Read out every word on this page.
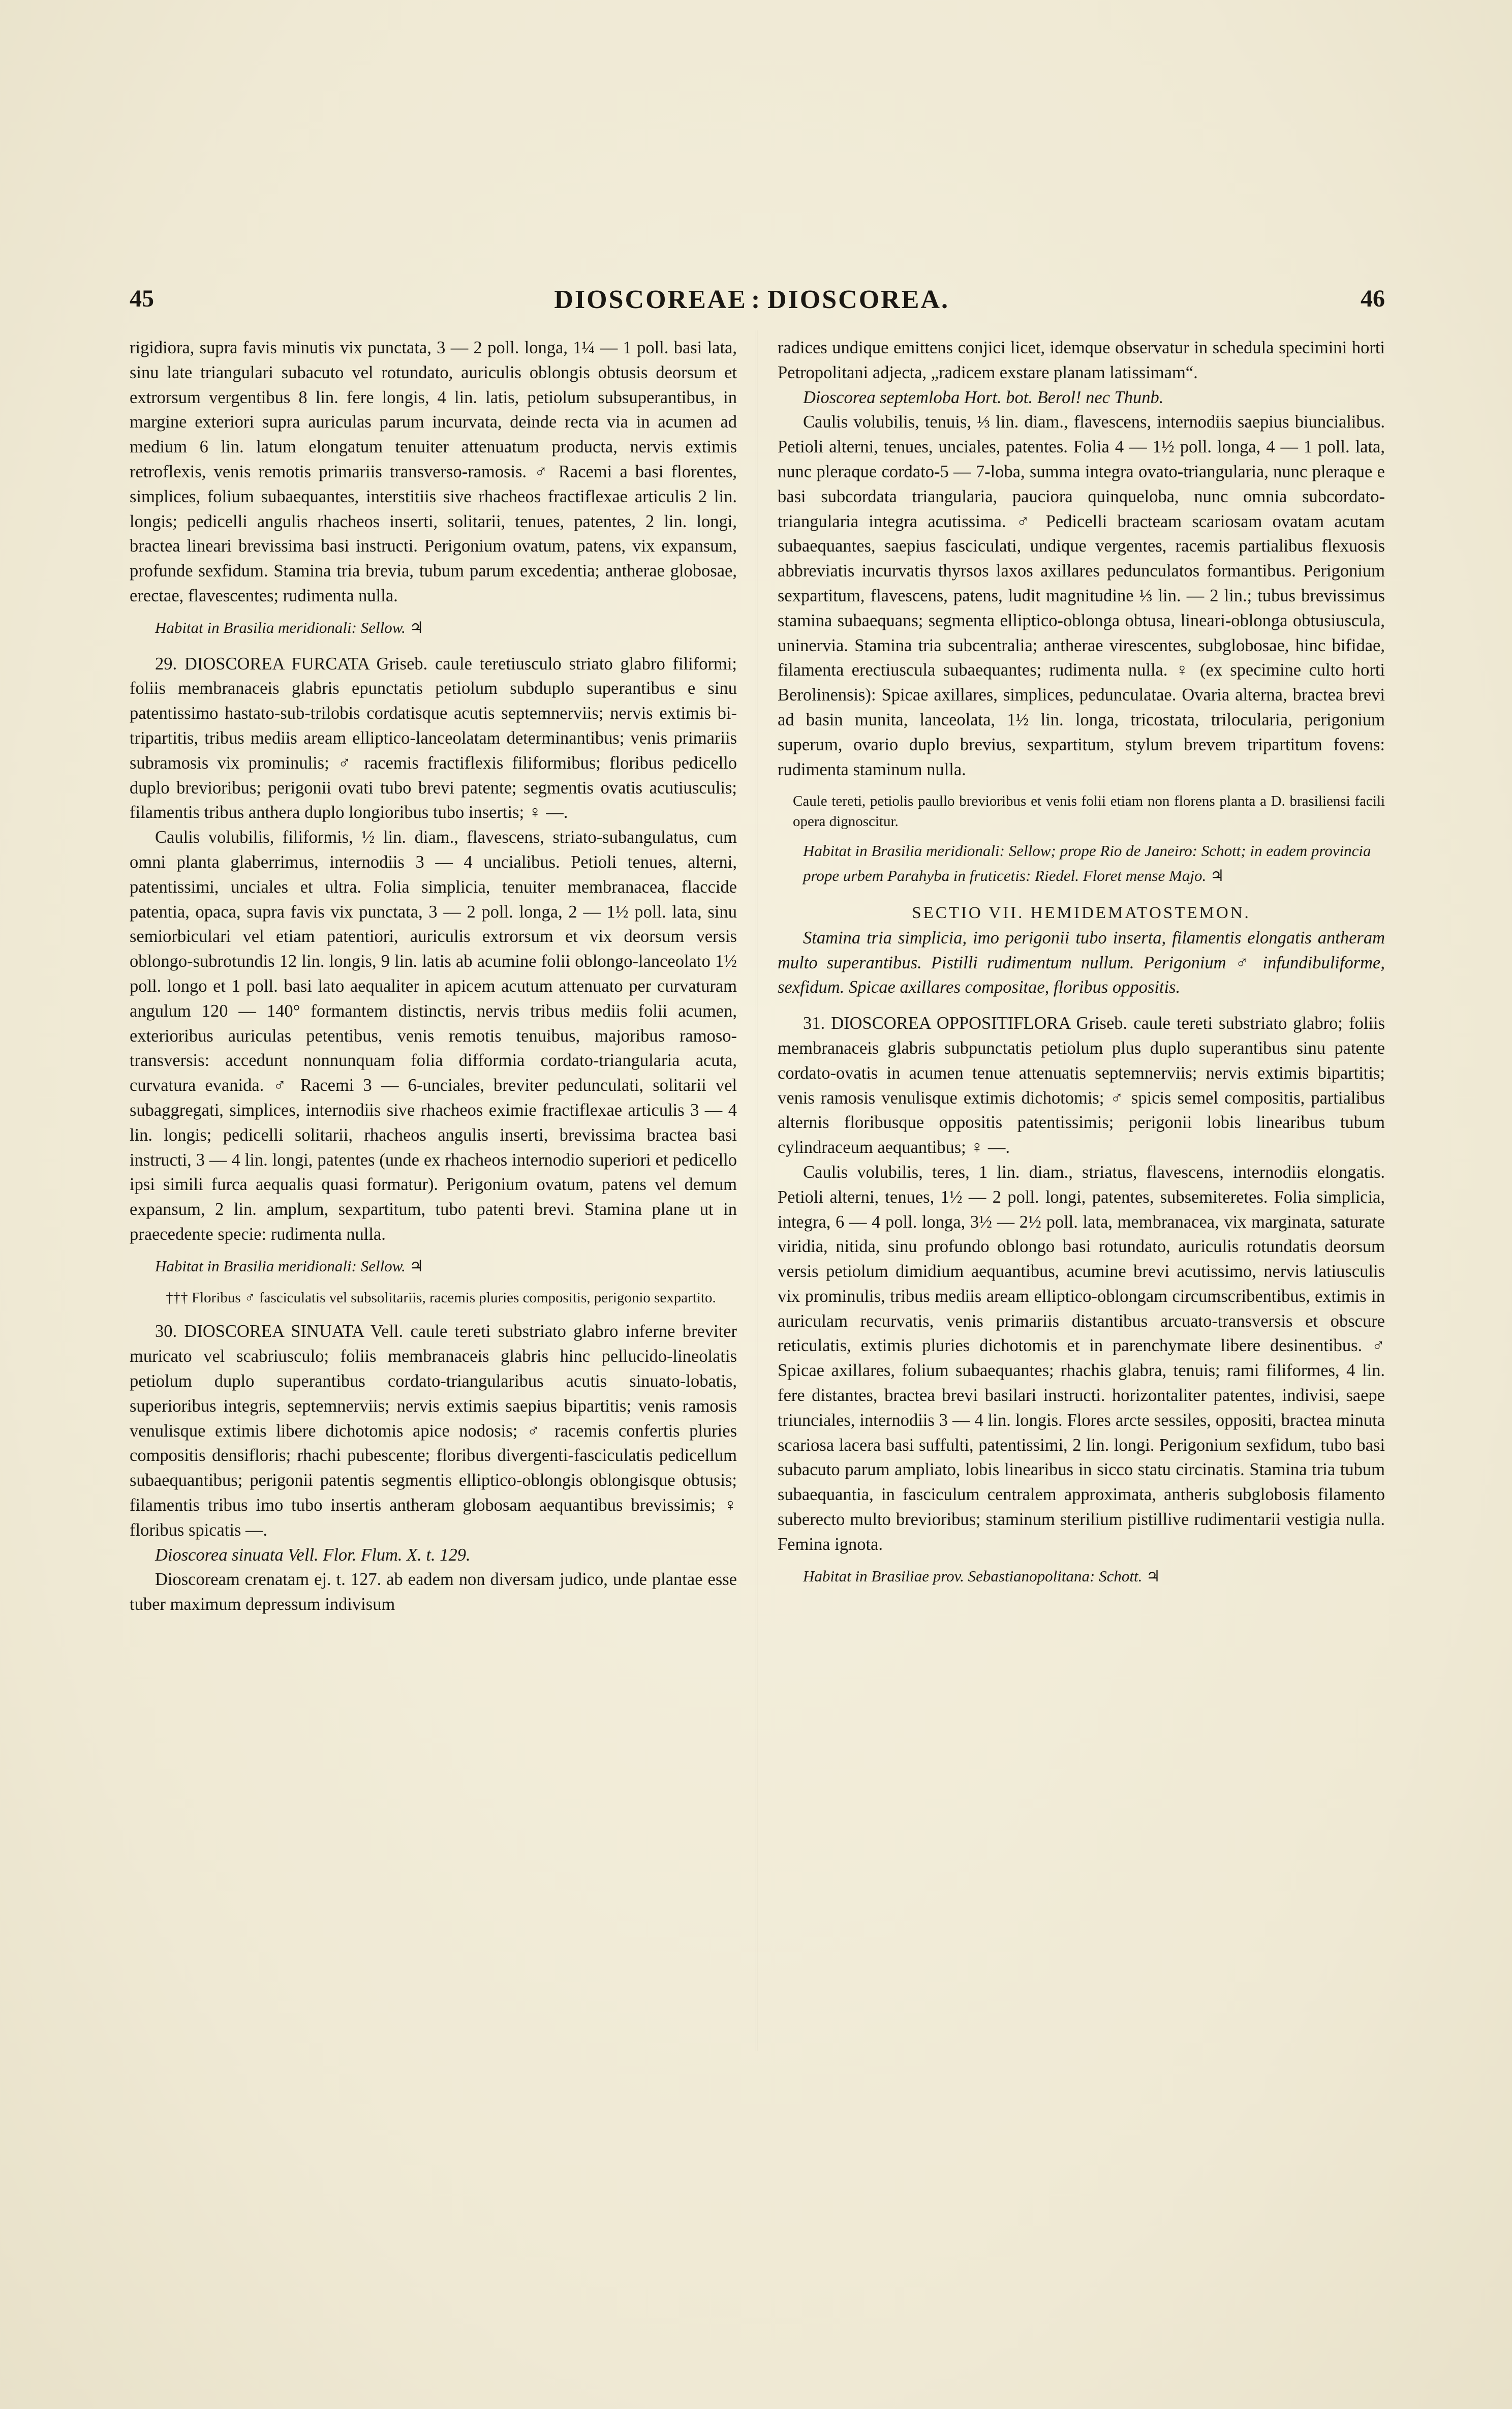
45	DIOSCOREAE : DIOSCOREA.	46

rigidiora, supra favis minutis vix punctata, 3 — 2 poll. longa, 1¼ — 1 poll. basi lata, sinu late triangulari subacuto vel rotundato, auriculis oblongis obtusis deorsum et extrorsum vergentibus 8 lin. fere longis, 4 lin. latis, petiolum subsuperantibus, in margine exteriori supra auriculas parum incurvata, deinde recta via in acumen ad medium 6 lin. latum elongatum tenuiter attenuatum producta, nervis extimis retroflexis, venis remotis primariis transverso-ramosis. ♂ Racemi a basi florentes, simplices, folium subaequantes, interstitiis sive rhacheos fractiflexae articulis 2 lin. longis; pedicelli angulis rhacheos inserti, solitarii, tenues, patentes, 2 lin. longi, bractea lineari brevissima basi instructi. Perigonium ovatum, patens, vix expansum, profunde sexfidum. Stamina tria brevia, tubum parum excedentia; antherae globosae, erectae, flavescentes; rudimenta nulla.

Habitat in Brasilia meridionali: Sellow. ♃

29. DIOSCOREA FURCATA Griseb. caule teretiusculo striato glabro filiformi; foliis membranaceis glabris epunctatis petiolum subduplo superantibus e sinu patentissimo hastato-sub-trilobis cordatisque acutis septemnerviis; nervis extimis bi-tripartitis, tribus mediis aream elliptico-lanceolatam determinantibus; venis primariis subramosis vix prominulis; ♂ racemis fractiflexis filiformibus; floribus pedicello duplo brevioribus; perigonii ovati tubo brevi patente; segmentis ovatis acutiusculis; filamentis tribus anthera duplo longioribus tubo insertis; ♀ —.

Caulis volubilis, filiformis, ½ lin. diam., flavescens, striato-subangulatus, cum omni planta glaberrimus, internodiis 3 — 4 uncialibus. Petioli tenues, alterni, patentissimi, unciales et ultra. Folia simplicia, tenuiter membranacea, flaccide patentia, opaca, supra favis vix punctata, 3 — 2 poll. longa, 2 — 1½ poll. lata, sinu semiorbiculari vel etiam patentiori, auriculis extrorsum et vix deorsum versis oblongo-subrotundis 12 lin. longis, 9 lin. latis ab acumine folii oblongo-lanceolato 1½ poll. longo et 1 poll. basi lato aequaliter in apicem acutum attenuato per curvaturam angulum 120 — 140° formantem distinctis, nervis tribus mediis folii acumen, exterioribus auriculas petentibus, venis remotis tenuibus, majoribus ramoso-transversis: accedunt nonnunquam folia difformia cordato-triangularia acuta, curvatura evanida. ♂ Racemi 3 — 6-unciales, breviter pedunculati, solitarii vel subaggregati, simplices, internodiis sive rhacheos eximie fractiflexae articulis 3 — 4 lin. longis; pedicelli solitarii, rhacheos angulis inserti, brevissima bractea basi instructi, 3 — 4 lin. longi, patentes (unde ex rhacheos internodio superiori et pedicello ipsi simili furca aequalis quasi formatur). Perigonium ovatum, patens vel demum expansum, 2 lin. amplum, sexpartitum, tubo patenti brevi. Stamina plane ut in praecedente specie: rudimenta nulla.

Habitat in Brasilia meridionali: Sellow. ♃

††† Floribus ♂ fasciculatis vel subsolitariis, racemis pluries compositis, perigonio sexpartito.

30. DIOSCOREA SINUATA Vell. caule tereti substriato glabro inferne breviter muricato vel scabriusculo; foliis membranaceis glabris hinc pellucido-lineolatis petiolum duplo superantibus cordato-triangularibus acutis sinuato-lobatis, superioribus integris, septemnerviis; nervis extimis saepius bipartitis; venis ramosis venulisque extimis libere dichotomis apice nodosis; ♂ racemis confertis pluries compositis densifloris; rhachi pubescente; floribus divergenti-fasciculatis pedicellum subaequantibus; perigonii patentis segmentis elliptico-oblongis oblongisque obtusis; filamentis tribus imo tubo insertis antheram globosam aequantibus brevissimis; ♀ floribus spicatis —.

Dioscorea sinuata Vell. Flor. Flum. X. t. 129.

Dioscoream crenatam ej. t. 127. ab eadem non diversam judico, unde plantae esse tuber maximum depressum indivisum

radices undique emittens conjici licet, idemque observatur in schedula specimini horti Petropolitani adjecta, „radicem exstare planam latissimam“.

Dioscorea septemloba Hort. bot. Berol! nec Thunb.

Caulis volubilis, tenuis, ⅓ lin. diam., flavescens, internodiis saepius biuncialibus. Petioli alterni, tenues, unciales, patentes. Folia 4 — 1½ poll. longa, 4 — 1 poll. lata, nunc pleraque cordato-5 — 7-loba, summa integra ovato-triangularia, nunc pleraque e basi subcordata triangularia, pauciora quinqueloba, nunc omnia subcordato-triangularia integra acutissima. ♂ Pedicelli bracteam scariosam ovatam acutam subaequantes, saepius fasciculati, undique vergentes, racemis partialibus flexuosis abbreviatis incurvatis thyrsos laxos axillares pedunculatos formantibus. Perigonium sexpartitum, flavescens, patens, ludit magnitudine ⅓ lin. — 2 lin.; tubus brevissimus stamina subaequans; segmenta elliptico-oblonga obtusa, lineari-oblonga obtusiuscula, uninervia. Stamina tria subcentralia; antherae virescentes, subglobosae, hinc bifidae, filamenta erectiuscula subaequantes; rudimenta nulla. ♀ (ex specimine culto horti Berolinensis): Spicae axillares, simplices, pedunculatae. Ovaria alterna, bractea brevi ad basin munita, lanceolata, 1½ lin. longa, tricostata, trilocularia, perigonium superum, ovario duplo brevius, sexpartitum, stylum brevem tripartitum fovens: rudimenta staminum nulla.

Caule tereti, petiolis paullo brevioribus et venis folii etiam non florens planta a D. brasiliensi facili opera dignoscitur.

Habitat in Brasilia meridionali: Sellow; prope Rio de Janeiro: Schott; in eadem provincia prope urbem Parahyba in fruticetis: Riedel. Floret mense Majo. ♃

SECTIO VII. HEMIDEMATOSTEMON.

Stamina tria simplicia, imo perigonii tubo inserta, filamentis elongatis antheram multo superantibus. Pistilli rudimentum nullum. Perigonium ♂ infundibuliforme, sexfidum. Spicae axillares compositae, floribus oppositis.

31. DIOSCOREA OPPOSITIFLORA Griseb. caule tereti substriato glabro; foliis membranaceis glabris subpunctatis petiolum plus duplo superantibus sinu patente cordato-ovatis in acumen tenue attenuatis septemnerviis; nervis extimis bipartitis; venis ramosis venulisque extimis dichotomis; ♂ spicis semel compositis, partialibus alternis floribusque oppositis patentissimis; perigonii lobis linearibus tubum cylindraceum aequantibus; ♀ —.

Caulis volubilis, teres, 1 lin. diam., striatus, flavescens, internodiis elongatis. Petioli alterni, tenues, 1½ — 2 poll. longi, patentes, subsemiteretes. Folia simplicia, integra, 6 — 4 poll. longa, 3½ — 2½ poll. lata, membranacea, vix marginata, saturate viridia, nitida, sinu profundo oblongo basi rotundato, auriculis rotundatis deorsum versis petiolum dimidium aequantibus, acumine brevi acutissimo, nervis latiusculis vix prominulis, tribus mediis aream elliptico-oblongam circumscribentibus, extimis in auriculam recurvatis, venis primariis distantibus arcuato-transversis et obscure reticulatis, extimis pluries dichotomis et in parenchymate libere desinentibus. ♂ Spicae axillares, folium subaequantes; rhachis glabra, tenuis; rami filiformes, 4 lin. fere distantes, bractea brevi basilari instructi. horizontaliter patentes, indivisi, saepe triunciales, internodiis 3 — 4 lin. longis. Flores arcte sessiles, oppositi, bractea minuta scariosa lacera basi suffulti, patentissimi, 2 lin. longi. Perigonium sexfidum, tubo basi subacuto parum ampliato, lobis linearibus in sicco statu circinatis. Stamina tria tubum subaequantia, in fasciculum centralem approximata, antheris subglobosis filamento suberecto multo brevioribus; staminum sterilium pistillive rudimentarii vestigia nulla. Femina ignota.

Habitat in Brasiliae prov. Sebastianopolitana: Schott. ♃
